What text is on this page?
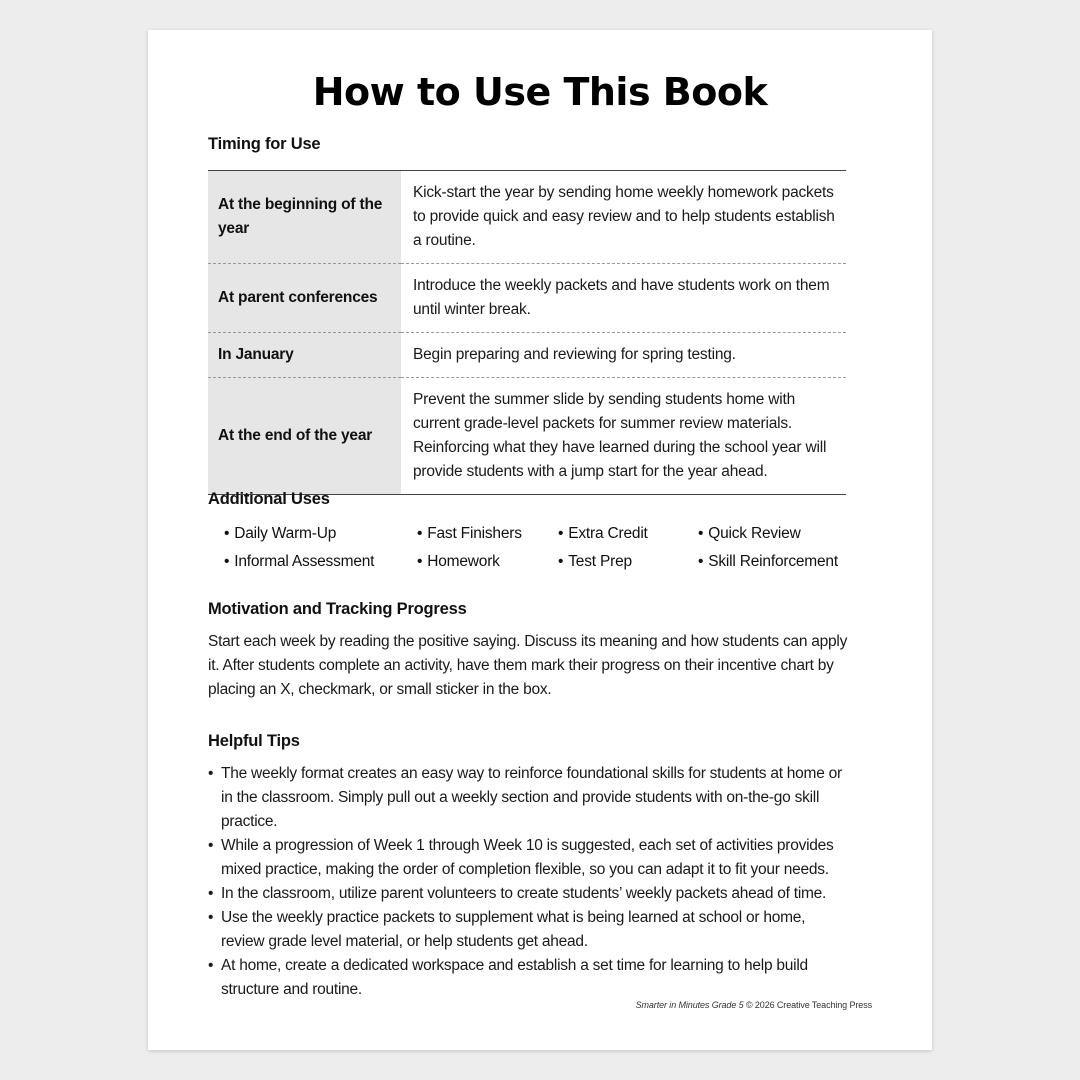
How to Use This Book
Timing for Use
At the beginning of the year	Kick-start the year by sending home weekly homework packets to provide quick and easy review and to help students establish a routine.
At parent conferences	Introduce the weekly packets and have students work on them until winter break.
In January	Begin preparing and reviewing for spring testing.
At the end of the year	Prevent the summer slide by sending students home with current grade-level packets for summer review materials. Reinforcing what they have learned during the school year will provide students with a jump start for the year ahead.
Additional Uses
• Daily Warm-Up	• Fast Finishers	• Extra Credit	• Quick Review
• Informal Assessment	• Homework	• Test Prep	• Skill Reinforcement
Motivation and Tracking Progress
Start each week by reading the positive saying. Discuss its meaning and how students can apply it. After students complete an activity, have them mark their progress on their incentive chart by placing an X, checkmark, or small sticker in the box.
Helpful Tips
• The weekly format creates an easy way to reinforce foundational skills for students at home or in the classroom. Simply pull out a weekly section and provide students with on-the-go skill practice.
• While a progression of Week 1 through Week 10 is suggested, each set of activities provides mixed practice, making the order of completion flexible, so you can adapt it to fit your needs.
• In the classroom, utilize parent volunteers to create students’ weekly packets ahead of time.
• Use the weekly practice packets to supplement what is being learned at school or home, review grade level material, or help students get ahead.
• At home, create a dedicated workspace and establish a set time for learning to help build structure and routine.
Smarter in Minutes Grade 5 © 2026 Creative Teaching Press
